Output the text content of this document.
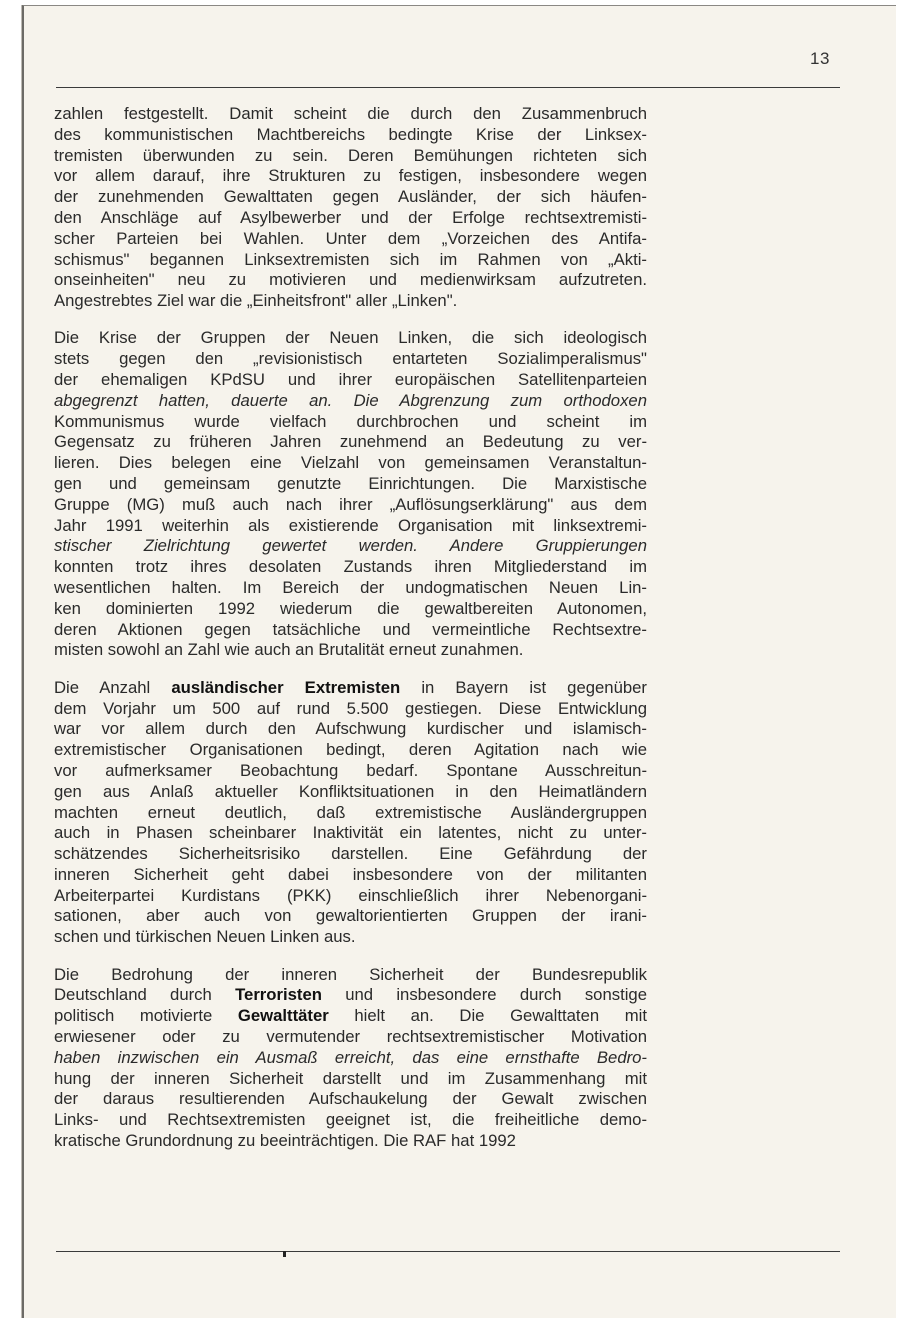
13
zahlen festgestellt. Damit scheint die durch den Zusammenbruch
des kommunistischen Machtbereichs bedingte Krise der Linksex-
tremisten überwunden zu sein. Deren Bemühungen richteten sich
vor allem darauf, ihre Strukturen zu festigen, insbesondere wegen
der zunehmenden Gewalttaten gegen Ausländer, der sich häufen-
den Anschläge auf Asylbewerber und der Erfolge rechtsextremisti-
scher Parteien bei Wahlen. Unter dem „Vorzeichen des Antifa-
schismus" begannen Linksextremisten sich im Rahmen von „Akti-
onseinheiten" neu zu motivieren und medienwirksam aufzutreten.
Angestrebtes Ziel war die „Einheitsfront" aller „Linken".
Die Krise der Gruppen der Neuen Linken, die sich ideologisch
stets gegen den „revisionistisch entarteten Sozialimperalismus"
der ehemaligen KPdSU und ihrer europäischen Satellitenparteien
abgegrenzt hatten, dauerte an. Die Abgrenzung zum orthodoxen
Kommunismus wurde vielfach durchbrochen und scheint im
Gegensatz zu früheren Jahren zunehmend an Bedeutung zu ver-
lieren. Dies belegen eine Vielzahl von gemeinsamen Veranstaltun-
gen und gemeinsam genutzte Einrichtungen. Die Marxistische
Gruppe (MG) muß auch nach ihrer „Auflösungserklärung" aus dem
Jahr 1991 weiterhin als existierende Organisation mit linksextremi-
stischer Zielrichtung gewertet werden. Andere Gruppierungen
konnten trotz ihres desolaten Zustands ihren Mitgliederstand im
wesentlichen halten. Im Bereich der undogmatischen Neuen Lin-
ken dominierten 1992 wiederum die gewaltbereiten Autonomen,
deren Aktionen gegen tatsächliche und vermeintliche Rechtsextre-
misten sowohl an Zahl wie auch an Brutalität erneut zunahmen.
Die Anzahl ausländischer Extremisten in Bayern ist gegenüber
dem Vorjahr um 500 auf rund 5.500 gestiegen. Diese Entwicklung
war vor allem durch den Aufschwung kurdischer und islamisch-
extremistischer Organisationen bedingt, deren Agitation nach wie
vor aufmerksamer Beobachtung bedarf. Spontane Ausschreitun-
gen aus Anlaß aktueller Konfliktsituationen in den Heimatländern
machten erneut deutlich, daß extremistische Ausländergruppen
auch in Phasen scheinbarer Inaktivität ein latentes, nicht zu unter-
schätzendes Sicherheitsrisiko darstellen. Eine Gefährdung der
inneren Sicherheit geht dabei insbesondere von der militanten
Arbeiterpartei Kurdistans (PKK) einschließlich ihrer Nebenorgani-
sationen, aber auch von gewaltorientierten Gruppen der irani-
schen und türkischen Neuen Linken aus.
Die Bedrohung der inneren Sicherheit der Bundesrepublik
Deutschland durch Terroristen und insbesondere durch sonstige
politisch motivierte Gewalttäter hielt an. Die Gewalttaten mit
erwiesener oder zu vermutender rechtsextremistischer Motivation
haben inzwischen ein Ausmaß erreicht, das eine ernsthafte Bedro-
hung der inneren Sicherheit darstellt und im Zusammenhang mit
der daraus resultierenden Aufschaukelung der Gewalt zwischen
Links- und Rechtsextremisten geeignet ist, die freiheitliche demo-
kratische Grundordnung zu beeinträchtigen. Die RAF hat 1992
